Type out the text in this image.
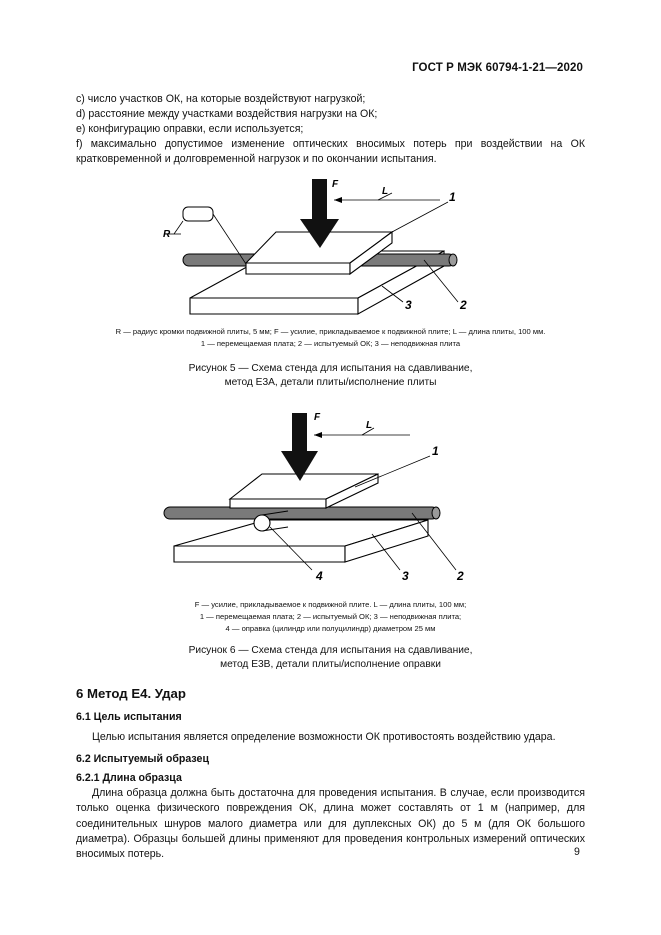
ГОСТ Р МЭК 60794-1-21—2020
с) число участков ОК, на которые воздействуют нагрузкой;
d) расстояние между участками воздействия нагрузки на ОК;
е) конфигурацию оправки, если используется;
f) максимально допустимое изменение оптических вносимых потерь при воздействии на ОК кратковременной и долговременной нагрузок и по окончании испытания.
F
L
R
1
2
3
R — радиус кромки подвижной плиты, 5 мм; F — усилие, прикладываемое к подвижной плите; L — длина плиты, 100 мм.
1 — перемещаемая плата; 2 — испытуемый ОК; 3 — неподвижная плита
Рисунок 5 — Схема стенда для испытания на сдавливание,
метод Е3А, детали плиты/исполнение плиты
F
L
1
2
3
4
F — усилие, прикладываемое к подвижной плите. L — длина плиты, 100 мм;
1 — перемещаемая плата; 2 — испытуемый ОК; 3 — неподвижная плита;
4 — оправка (цилиндр или полуцилиндр) диаметром 25 мм
Рисунок 6 — Схема стенда для испытания на сдавливание,
метод Е3В, детали плиты/исполнение оправки
6 Метод Е4. Удар
6.1 Цель испытания
Целью испытания является определение возможности ОК противостоять воздействию удара.
6.2 Испытуемый образец
6.2.1 Длина образца
Длина образца должна быть достаточна для проведения испытания. В случае, если производится только оценка физического повреждения ОК, длина может составлять от 1 м (например, для соединительных шнуров малого диаметра или для дуплексных ОК) до 5 м (для ОК большого диаметра). Образцы большей длины применяют для проведения контрольных измерений оптических вносимых потерь.	9
